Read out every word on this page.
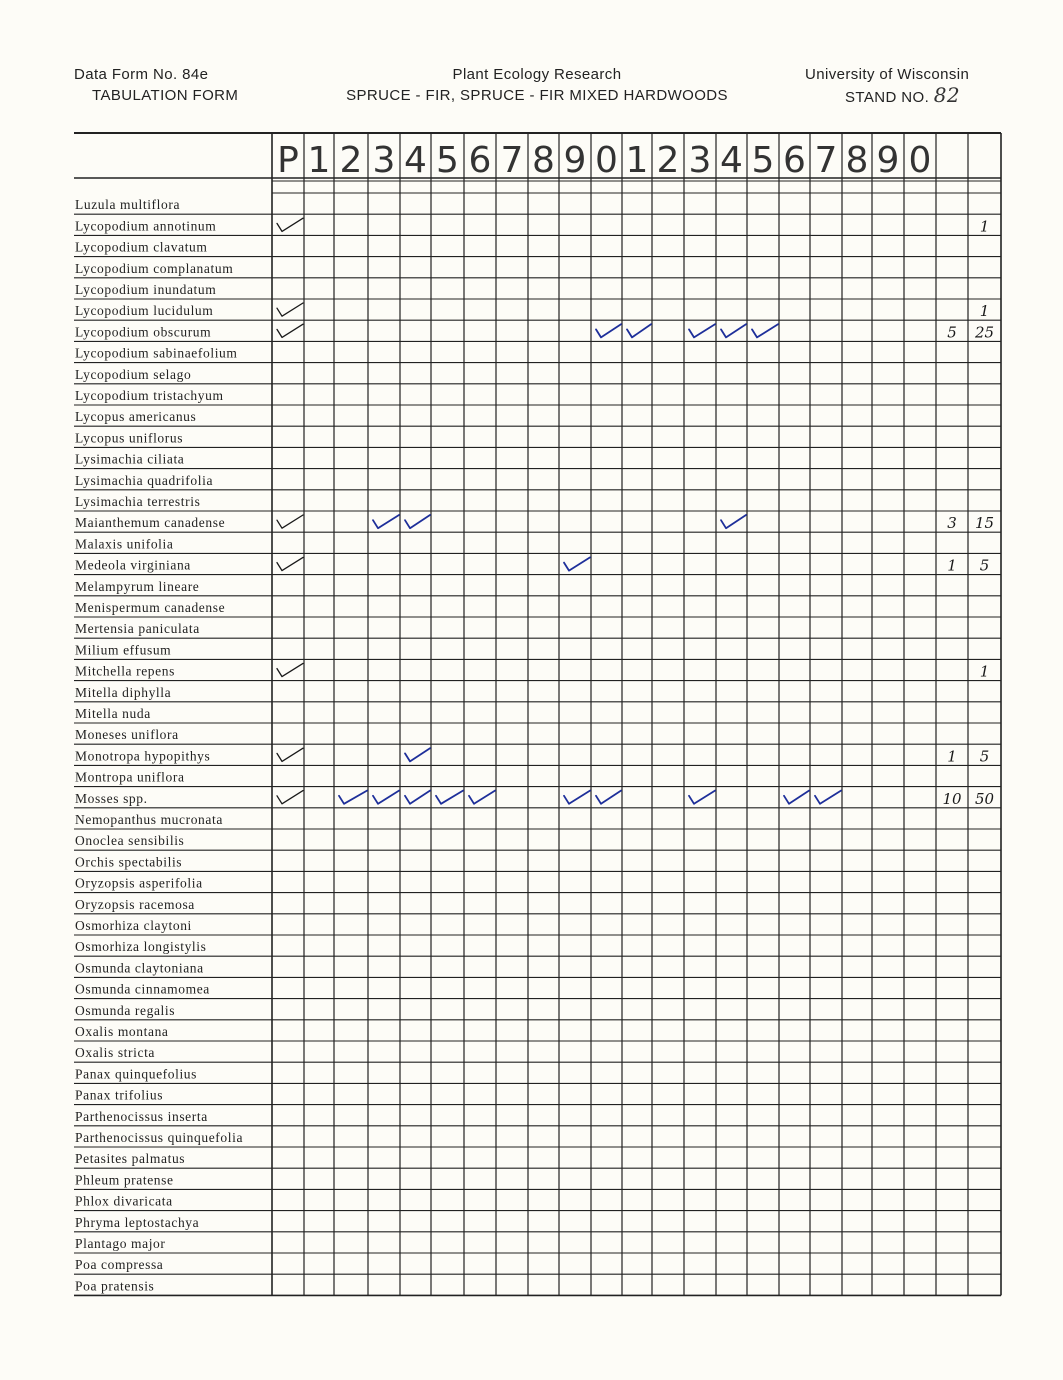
Data Form No. 84e
TABULATION FORM
Plant Ecology Research
SPRUCE - FIR, SPRUCE - FIR MIXED HARDWOODS
University of Wisconsin
STAND NO. 82
P 1 2 3 4 5 6 7 8 9 0 1 2 3 4 5 6 7 8 9 0
Luzula multiflora
Lycopodium annotinum
Lycopodium clavatum
Lycopodium complanatum
Lycopodium inundatum
Lycopodium lucidulum
Lycopodium obscurum
Lycopodium sabinaefolium
Lycopodium selago
Lycopodium tristachyum
Lycopus americanus
Lycopus uniflorus
Lysimachia ciliata
Lysimachia quadrifolia
Lysimachia terrestris
Maianthemum canadense
Malaxis unifolia
Medeola virginiana
Melampyrum lineare
Menispermum canadense
Mertensia paniculata
Milium effusum
Mitchella repens
Mitella diphylla
Mitella nuda
Moneses uniflora
Monotropa hypopithys
Montropa uniflora
Mosses spp.
Nemopanthus mucronata
Onoclea sensibilis
Orchis spectabilis
Oryzopsis asperifolia
Oryzopsis racemosa
Osmorhiza claytoni
Osmorhiza longistylis
Osmunda claytoniana
Osmunda cinnamomea
Osmunda regalis
Oxalis montana
Oxalis stricta
Panax quinquefolius
Panax trifolius
Parthenocissus inserta
Parthenocissus quinquefolia
Petasites palmatus
Phleum pratense
Phlox divaricata
Phryma leptostachya
Plantago major
Poa compressa
Poa pratensis
1
1
5 25
3 15
1 5
1
1 5
10 50
